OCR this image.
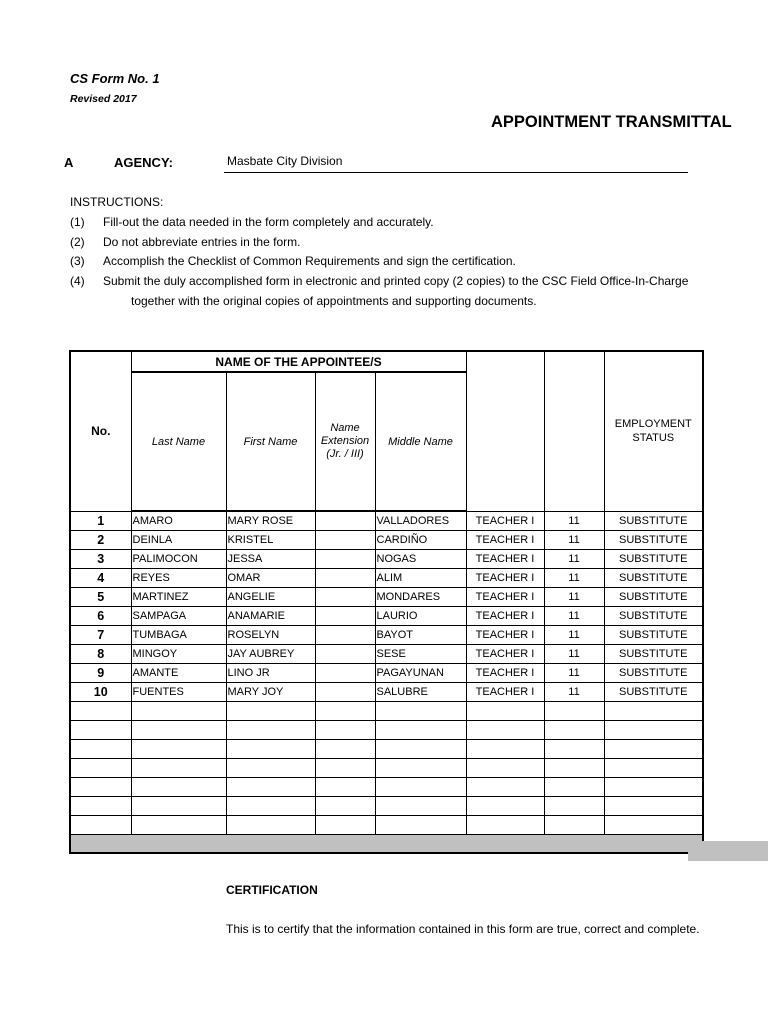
CS Form No. 1
Revised 2017
APPOINTMENT TRANSMITTAL
A	AGENCY:	Masbate City Division
INSTRUCTIONS:
(1) Fill-out the data needed in the form completely and accurately.
(2) Do not abbreviate entries in the form.
(3) Accomplish the Checklist of Common Requirements and sign the certification.
(4) Submit the duly accomplished form in electronic and printed copy (2 copies) to the CSC Field Office-In-Charge
together with the original copies of appointments and supporting documents.
No.	NAME OF THE APPOINTEE/S						EMPLOYMENT STATUS
	Last Name	First Name	Name
Extension
(Jr. / III)	Middle Name			
1	AMARO	MARY ROSE		VALLADORES	TEACHER I	11	SUBSTITUTE
2	DEINLA	KRISTEL		CARDIÑO	TEACHER I	11	SUBSTITUTE
3	PALIMOCON	JESSA		NOGAS	TEACHER I	11	SUBSTITUTE
4	REYES	OMAR		ALIM	TEACHER I	11	SUBSTITUTE
5	MARTINEZ	ANGELIE		MONDARES	TEACHER I	11	SUBSTITUTE
6	SAMPAGA	ANAMARIE		LAURIO	TEACHER I	11	SUBSTITUTE
7	TUMBAGA	ROSELYN		BAYOT	TEACHER I	11	SUBSTITUTE
8	MINGOY	JAY AUBREY		SESE	TEACHER I	11	SUBSTITUTE
9	AMANTE	LINO JR		PAGAYUNAN	TEACHER I	11	SUBSTITUTE
10	FUENTES	MARY JOY		SALUBRE	TEACHER I	11	SUBSTITUTE

CERTIFICATION
This is to certify that the information contained in this form are true, correct and complete.
